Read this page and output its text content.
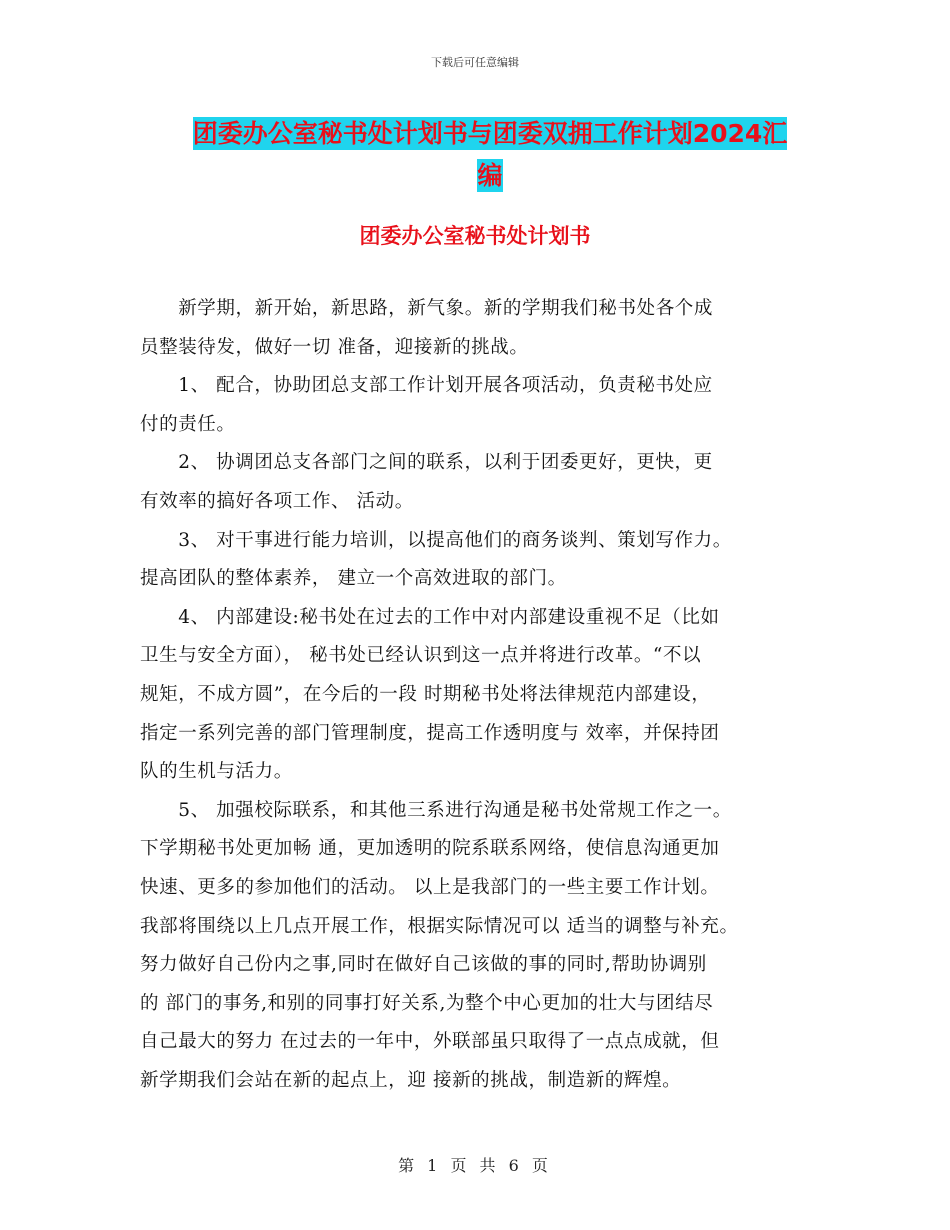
下载后可任意编辑
团委办公室秘书处计划书与团委双拥工作计划2024汇
编
团委办公室秘书处计划书

　　新学期，新开始，新思路，新气象。新的学期我们秘书处各个成

员整装待发，做好一切 准备，迎接新的挑战。

　　1、 配合，协助团总支部工作计划开展各项活动，负责秘书处应

付的责任。

　　2、 协调团总支各部门之间的联系，以利于团委更好，更快，更

有效率的搞好各项工作、 活动。

　　3、 对干事进行能力培训，以提高他们的商务谈判、策划写作力。

提高团队的整体素养， 建立一个高效进取的部门。

　　4、 内部建设:秘书处在过去的工作中对内部建设重视不足（比如

卫生与安全方面）， 秘书处已经认识到这一点并将进行改革。“不以

规矩，不成方圆”，在今后的一段 时期秘书处将法律规范内部建设，

指定一系列完善的部门管理制度，提高工作透明度与 效率，并保持团

队的生机与活力。

　　5、 加强校际联系，和其他三系进行沟通是秘书处常规工作之一。

下学期秘书处更加畅 通，更加透明的院系联系网络，使信息沟通更加

快速、更多的参加他们的活动。 以上是我部门的一些主要工作计划。

我部将围绕以上几点开展工作，根据实际情况可以 适当的调整与补充。

努力做好自己份内之事,同时在做好自己该做的事的同时,帮助协调别

的 部门的事务,和别的同事打好关系,为整个中心更加的壮大与团结尽

自己最大的努力 在过去的一年中，外联部虽只取得了一点点成就，但

新学期我们会站在新的起点上，迎 接新的挑战，制造新的辉煌。

第 1 页 共 6 页
